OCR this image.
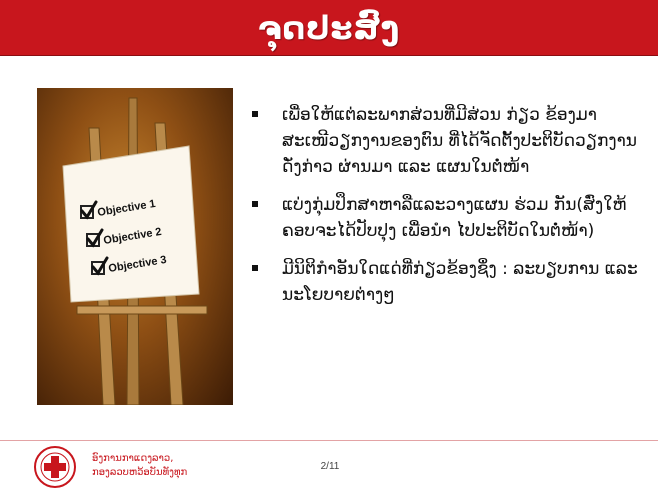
ຈຸດປະສົງ
Objective 1
Objective 2
Objective 3
ເພື່ອໃຫ້ແຕ່ລະພາກສ່ວນທີ່ມີສ່ວນ ກ່ຽວ ຂ້ອງມາສະເໜີວຽກງານຂອງຕົນ ທີ່ໄດ້ຈັດຕັ້ງປະຕິບັດວຽກງານດັ່ງກ່າວ ຜ່ານມາ ແລະ ແຜນໃນຕໍ່ໜ້າ
ແບ່ງກຸ່ມປຶກສາຫາລືແລະວາງແຜນ ຮ່ວມ ກັນ(ສົ່ງໃຫ້ຄອບຈະໄດ້ປັບປຸງ ເພື່ອນຳ ໄປປະຕິບັດໃນຕໍ່ໜ້າ)
ມີນິຕິກຳອັນໃດແດ່ທີ່ກ່ຽວຂ້ອງຊຶ່ງ : ລະບຽບການ ແລະ ນະໂຍບາຍຕ່າງໆ
ອົງການກາແດງລາວ,
ກອງລວບຫວ້ອບັນທັງທຸກ
2/11
